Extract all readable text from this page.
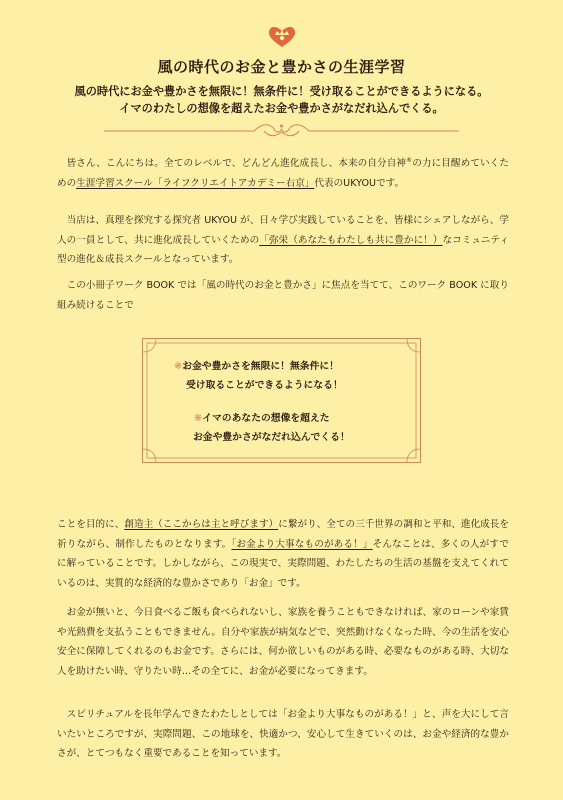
風の時代のお金と豊かさの生涯学習
風の時代にお金や豊かさを無限に！無条件に！受け取ることができるようになる。
イマのわたしの想像を超えたお金や豊かさがなだれ込んでくる。

皆さん、こんにちは。全てのレベルで、どんどん進化成長し、本来の自分自神®の力に目醒めていくための生涯学習スクール「ライフクリエイトアカデミー右京」代表のUKYOUです。

当店は、真理を探究する探究者 UKYOU が、日々学び実践していることを、皆様にシェアしながら、学人の一員として、共に進化成長していくための「弥栄（あなたもわたしも共に豊かに！）なコミュニティ型の進化＆成長スクールとなっています。

この小冊子ワーク BOOK では「風の時代のお金と豊かさ」に焦点を当てて、このワーク BOOK に取り組み続けることで

❋お金や豊かさを無限に！無条件に！
受け取ることができるようになる！
❋イマのあなたの想像を超えた
お金や豊かさがなだれ込んでくる！

ことを目的に、創造主（ここからは主と呼びます）に繋がり、全ての三千世界の調和と平和、進化成長を祈りながら、制作したものとなります。「お金より大事なものがある！」そんなことは、多くの人がすでに解っていることです。しかしながら、この現実で、実際問題、わたしたちの生活の基盤を支えてくれているのは、実質的な経済的な豊かさであり「お金」です。

お金が無いと、今日食べるご飯も食べられないし、家族を養うこともできなければ、家のローンや家賃や光熱費を支払うこともできません。自分や家族が病気などで、突然動けなくなった時、今の生活を安心安全に保障してくれるのもお金です。さらには、何か欲しいものがある時、必要なものがある時、大切な人を助けたい時、守りたい時…その全てに、お金が必要になってきます。

スピリチュアルを長年学んできたわたしとしては「お金より大事なものがある！」と、声を大にして言いたいところですが、実際問題、この地球を、快適かつ、安心して生きていくのは、お金や経済的な豊かさが、とてつもなく重要であることを知っています。
